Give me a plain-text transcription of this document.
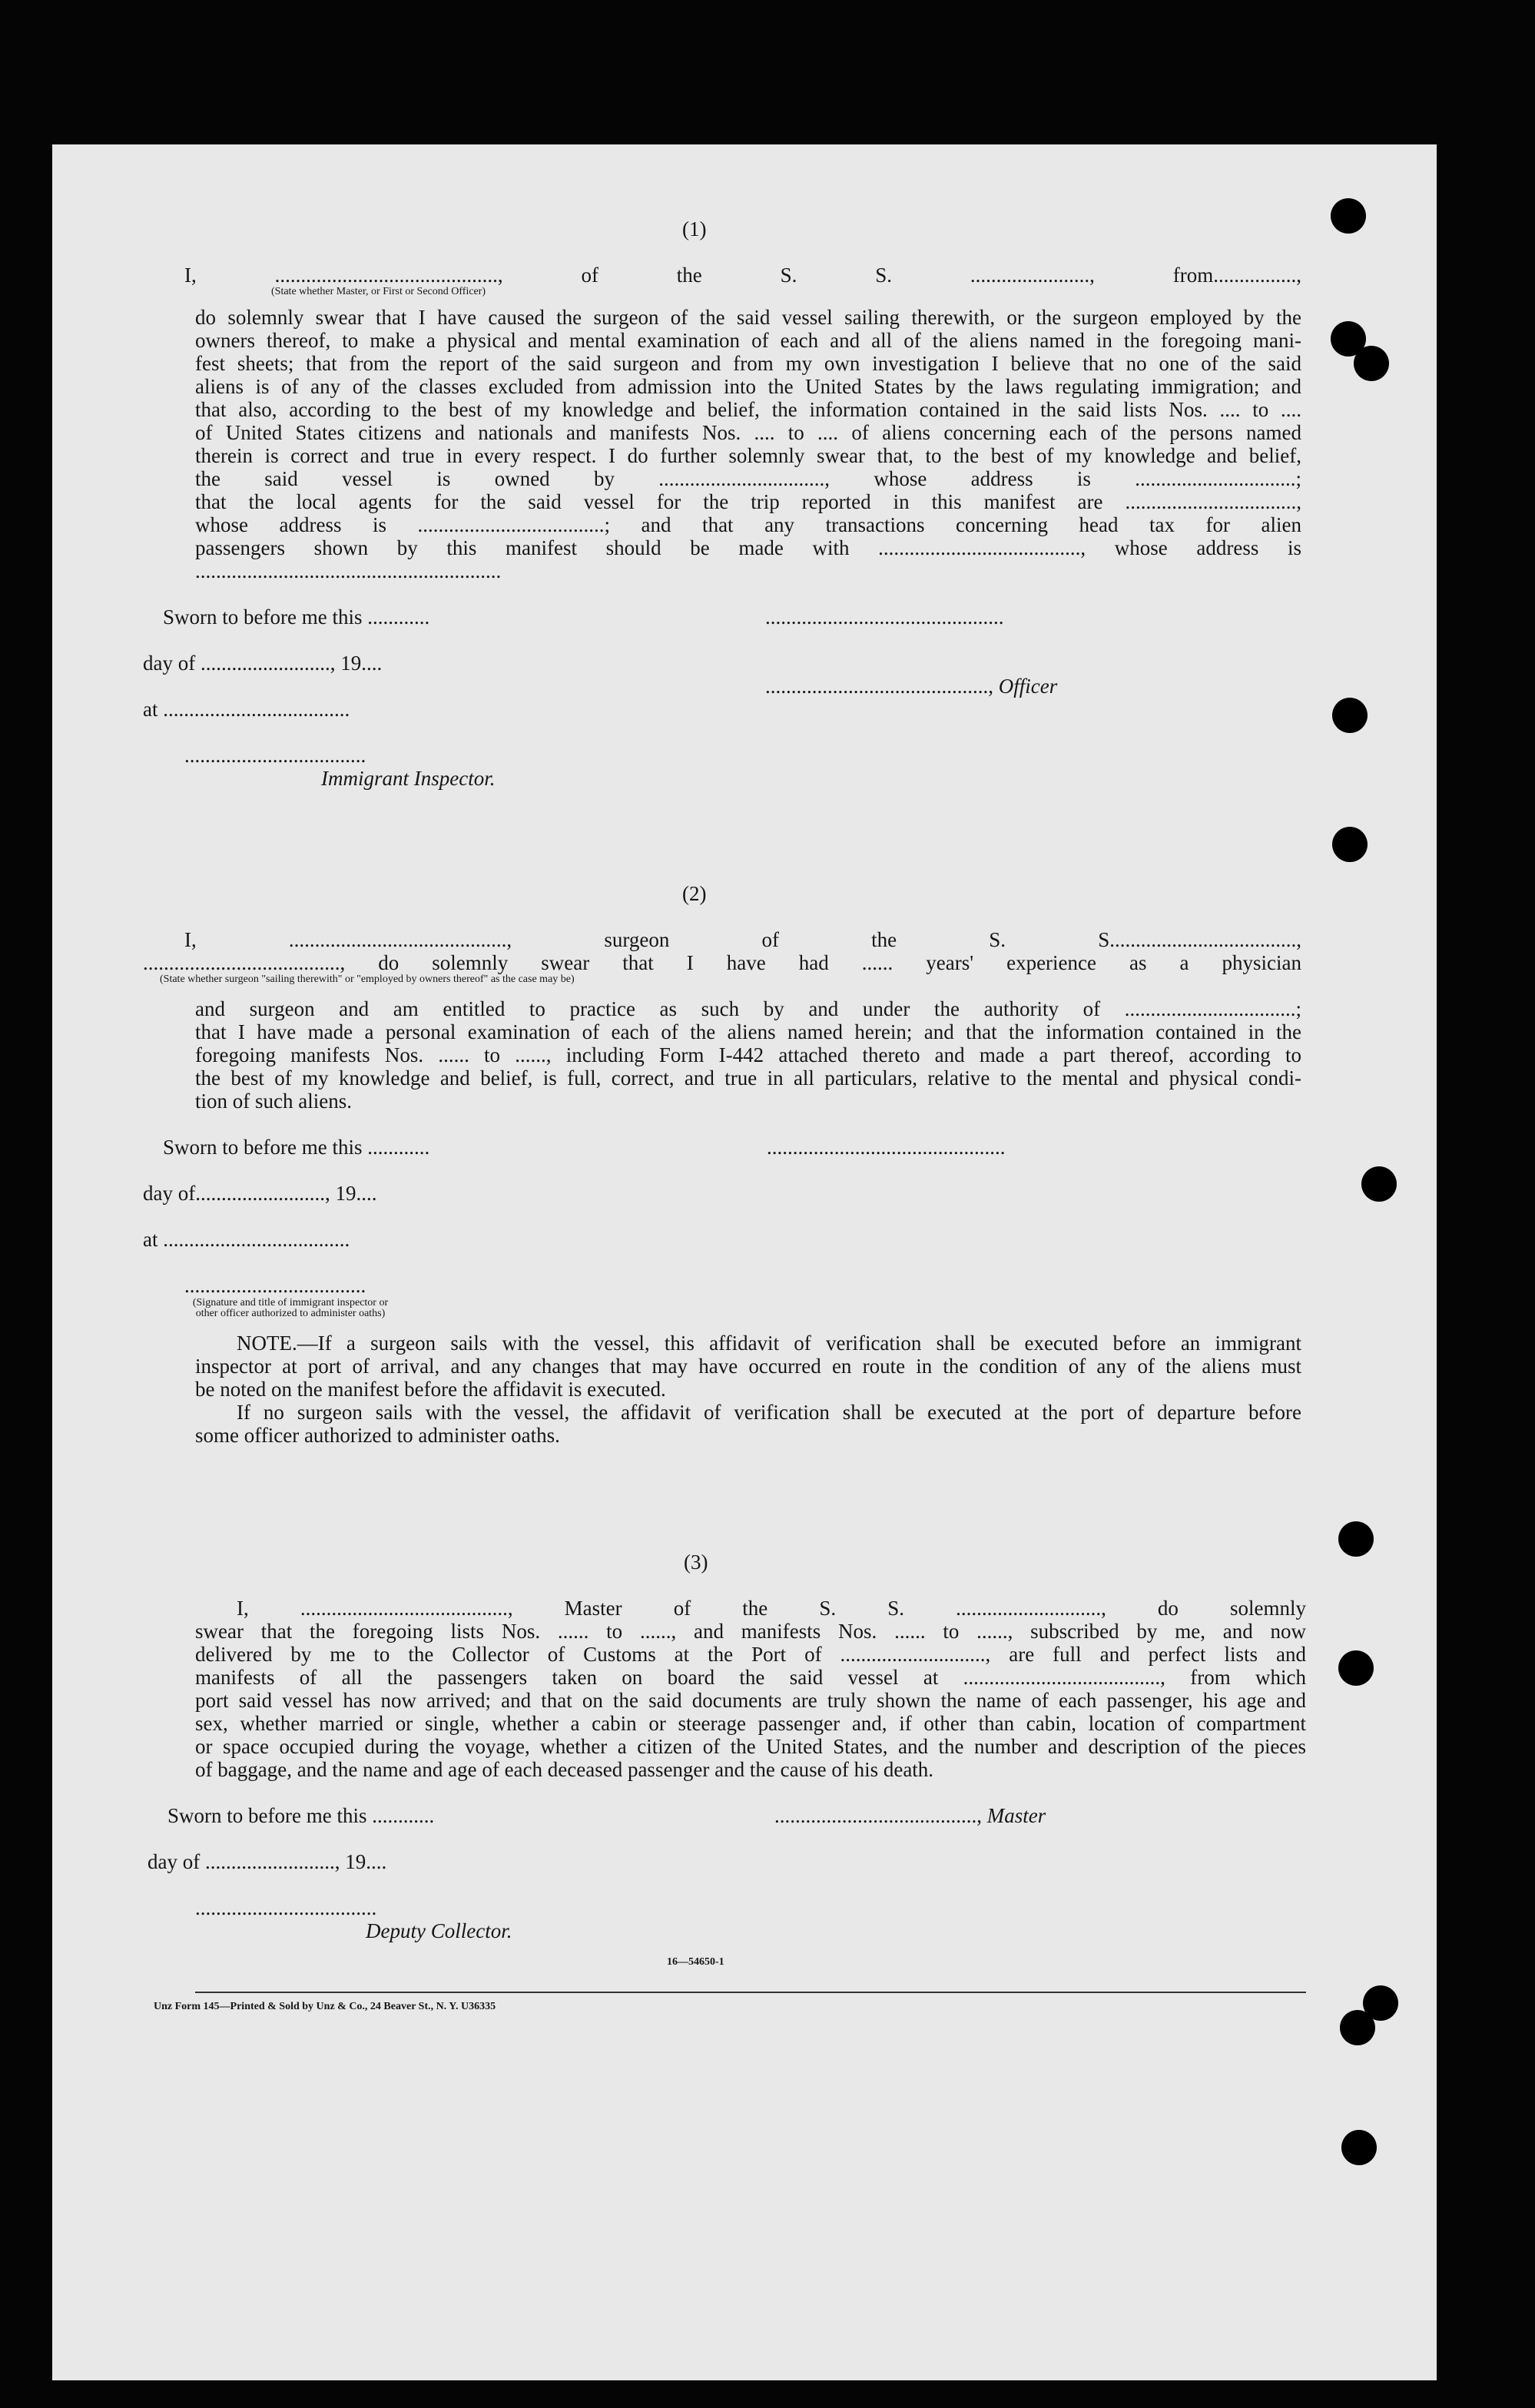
(1)
I, ..........................................., of the S. S. ......................., from................,
(State whether Master, or First or Second Officer)
do solemnly swear that I have caused the surgeon of the said vessel sailing therewith, or the surgeon employed by the
owners thereof, to make a physical and mental examination of each and all of the aliens named in the foregoing mani-
fest sheets; that from the report of the said surgeon and from my own investigation I believe that no one of the said
aliens is of any of the classes excluded from admission into the United States by the laws regulating immigration; and
that also, according to the best of my knowledge and belief, the information contained in the said lists Nos. .... to ....
of United States citizens and nationals and manifests Nos. .... to .... of aliens concerning each of the persons named
therein is correct and true in every respect. I do further solemnly swear that, to the best of my knowledge and belief,
the said vessel is owned by ................................, whose address is ...............................;
that the local agents for the said vessel for the trip reported in this manifest are .................................,
whose address is ....................................; and that any transactions concerning head tax for alien
passengers shown by this manifest should be made with ......................................., whose address is
...........................................................
Sworn to before me this ............	..............................................
day of ........................., 19....
..........................................., Officer
at ....................................
...................................
Immigrant Inspector.
(2)
I, .........................................., surgeon of the S. S....................................,
......................................, do solemnly swear that I have had ...... years' experience as a physician
(State whether surgeon "sailing therewith" or "employed by owners thereof" as the case may be)
and surgeon and am entitled to practice as such by and under the authority of .................................;
that I have made a personal examination of each of the aliens named herein; and that the information contained in the
foregoing manifests Nos. ...... to ......, including Form I-442 attached thereto and made a part thereof, according to
the best of my knowledge and belief, is full, correct, and true in all particulars, relative to the mental and physical condi-
tion of such aliens.
Sworn to before me this ............	..............................................
day of........................., 19....
at ....................................
...................................
(Signature and title of immigrant inspector or
other officer authorized to administer oaths)
NOTE.—If a surgeon sails with the vessel, this affidavit of verification shall be executed before an immigrant
inspector at port of arrival, and any changes that may have occurred en route in the condition of any of the aliens must
be noted on the manifest before the affidavit is executed.
If no surgeon sails with the vessel, the affidavit of verification shall be executed at the port of departure before
some officer authorized to administer oaths.
(3)
I, ........................................, Master of the S. S. ............................, do solemnly
swear that the foregoing lists Nos. ...... to ......, and manifests Nos. ...... to ......, subscribed by me, and now
delivered by me to the Collector of Customs at the Port of ............................, are full and perfect lists and
manifests of all the passengers taken on board the said vessel at ......................................, from which
port said vessel has now arrived; and that on the said documents are truly shown the name of each passenger, his age and
sex, whether married or single, whether a cabin or steerage passenger and, if other than cabin, location of compartment
or space occupied during the voyage, whether a citizen of the United States, and the number and description of the pieces
of baggage, and the name and age of each deceased passenger and the cause of his death.
Sworn to before me this ............	......................................., Master
day of ........................., 19....
...................................
Deputy Collector.
16—54650-1
Unz Form 145—Printed & Sold by Unz & Co., 24 Beaver St., N. Y. U36335
